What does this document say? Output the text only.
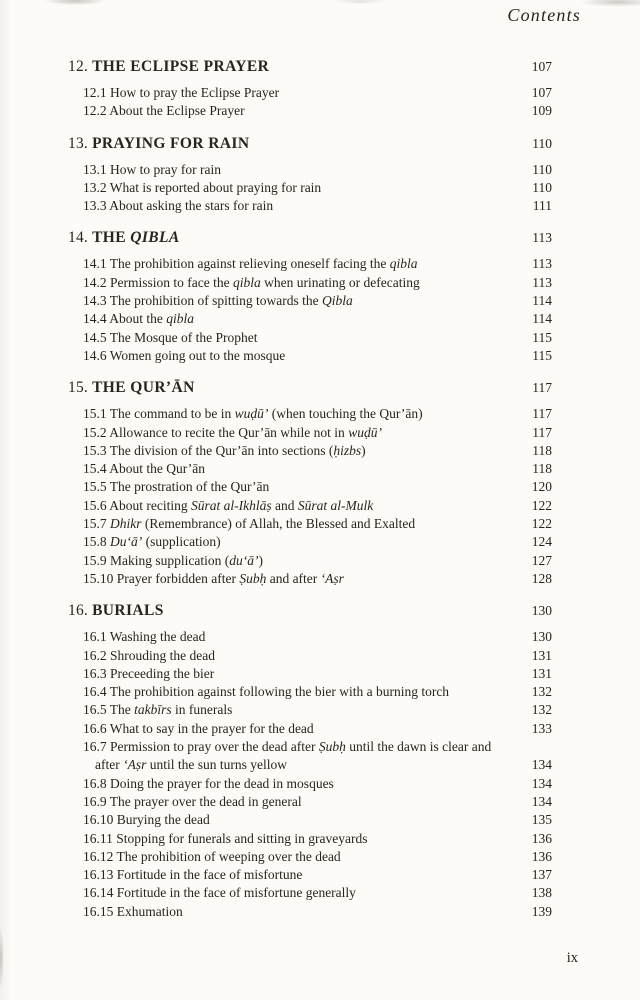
Contents
12. THE ECLIPSE PRAYER	107
12.1 How to pray the Eclipse Prayer	107
12.2 About the Eclipse Prayer	109
13. PRAYING FOR RAIN	110
13.1 How to pray for rain	110
13.2 What is reported about praying for rain	110
13.3 About asking the stars for rain	111
14. THE QIBLA	113
14.1 The prohibition against relieving oneself facing the qibla	113
14.2 Permission to face the qibla when urinating or defecating	113
14.3 The prohibition of spitting towards the Qibla	114
14.4 About the qibla	114
14.5 The Mosque of the Prophet	115
14.6 Women going out to the mosque	115
15. THE QUR’ĀN	117
15.1 The command to be in wuḍū’ (when touching the Qur’ān)	117
15.2 Allowance to recite the Qur’ān while not in wuḍū’	117
15.3 The division of the Qur’ān into sections (ḥizbs)	118
15.4 About the Qur’ān	118
15.5 The prostration of the Qur’ān	120
15.6 About reciting Sūrat al-Ikhlāṣ and Sūrat al-Mulk	122
15.7 Dhikr (Remembrance) of Allah, the Blessed and Exalted	122
15.8 Du‘ā’ (supplication)	124
15.9 Making supplication (du‘ā’)	127
15.10 Prayer forbidden after Ṣubḥ and after ‘Aṣr	128
16. BURIALS	130
16.1 Washing the dead	130
16.2 Shrouding the dead	131
16.3 Preceeding the bier	131
16.4 The prohibition against following the bier with a burning torch	132
16.5 The takbīrs in funerals	132
16.6 What to say in the prayer for the dead	133
16.7 Permission to pray over the dead after Ṣubḥ until the dawn is clear and after ‘Aṣr until the sun turns yellow	134
16.8 Doing the prayer for the dead in mosques	134
16.9 The prayer over the dead in general	134
16.10 Burying the dead	135
16.11 Stopping for funerals and sitting in graveyards	136
16.12 The prohibition of weeping over the dead	136
16.13 Fortitude in the face of misfortune	137
16.14 Fortitude in the face of misfortune generally	138
16.15 Exhumation	139
ix
